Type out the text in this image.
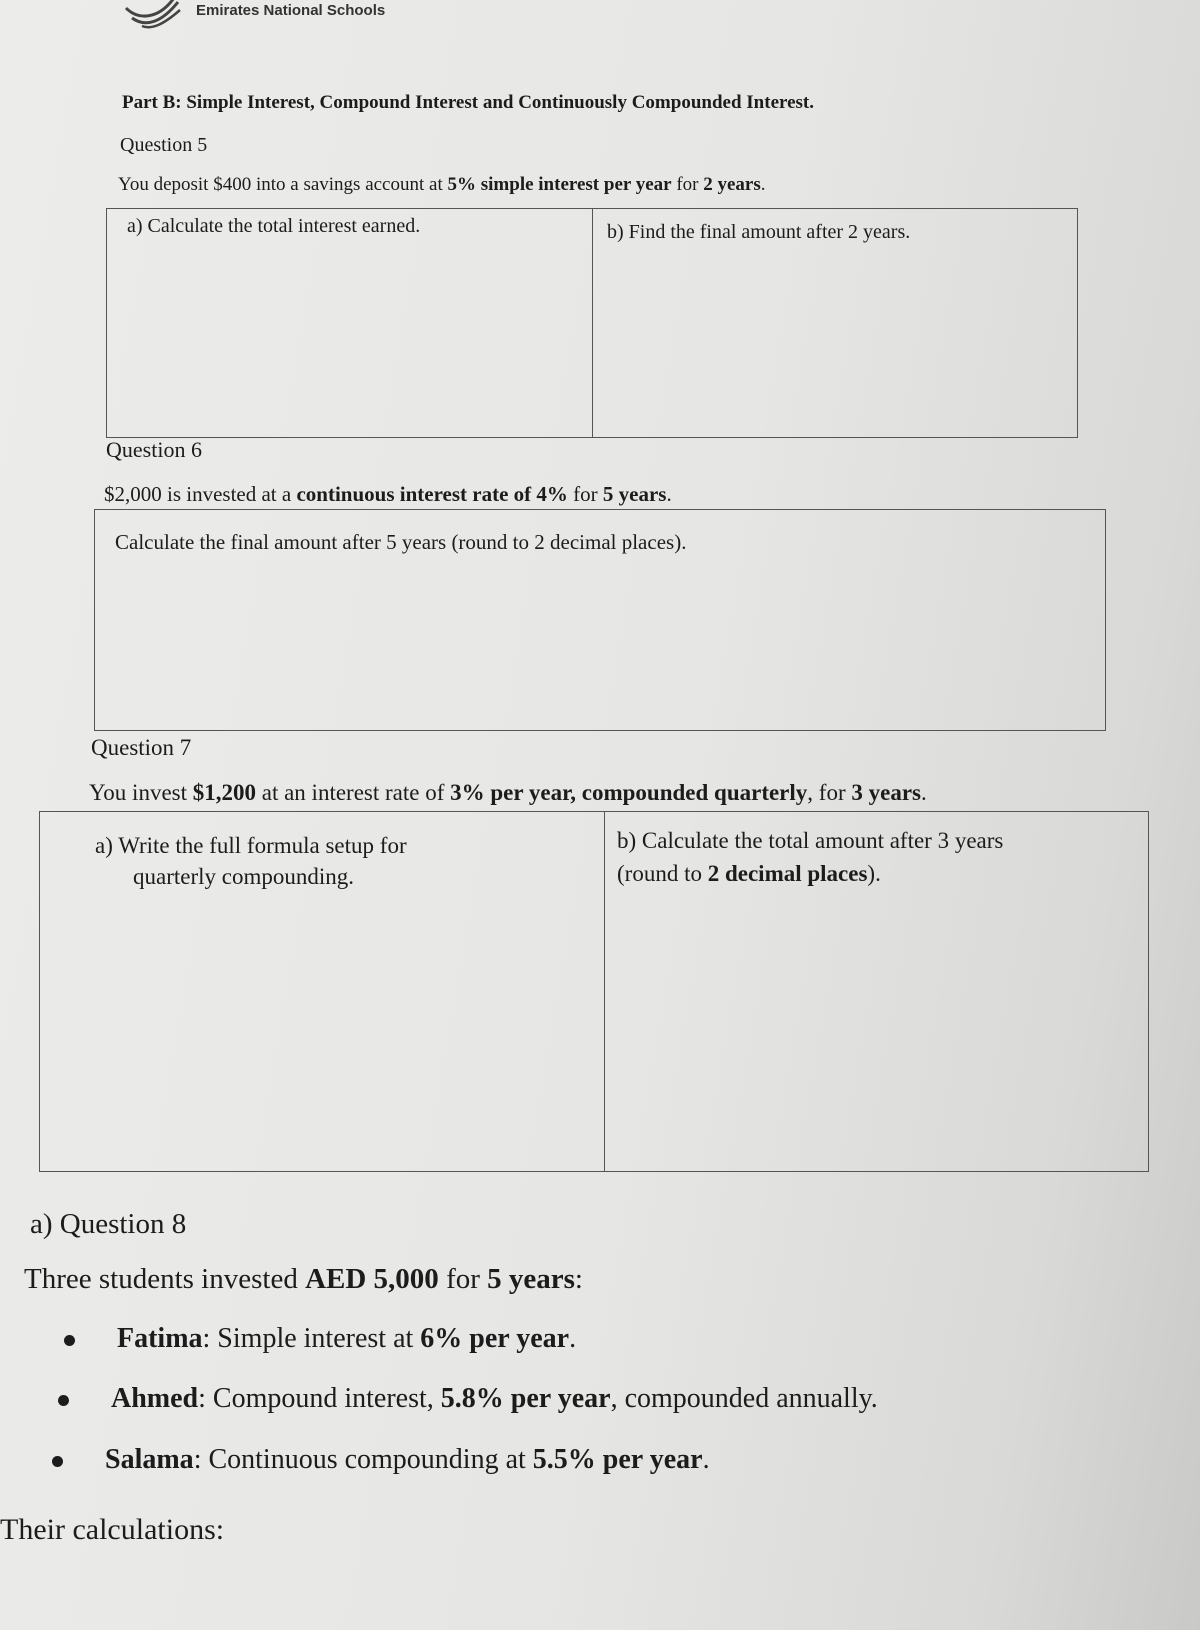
Emirates National Schools
Part B: Simple Interest, Compound Interest and Continuously Compounded Interest.
Question 5
You deposit $400 into a savings account at 5% simple interest per year for 2 years.
a) Calculate the total interest earned.	b) Find the final amount after 2 years.
Question 6
$2,000 is invested at a continuous interest rate of 4% for 5 years.
Calculate the final amount after 5 years (round to 2 decimal places).
Question 7
You invest $1,200 at an interest rate of 3% per year, compounded quarterly, for 3 years.
a) Write the full formula setup for
quarterly compounding.
b) Calculate the total amount after 3 years
(round to 2 decimal places).
a) Question 8
Three students invested AED 5,000 for 5 years:
Fatima: Simple interest at 6% per year.
Ahmed: Compound interest, 5.8% per year, compounded annually.
Salama: Continuous compounding at 5.5% per year.
Their calculations:
